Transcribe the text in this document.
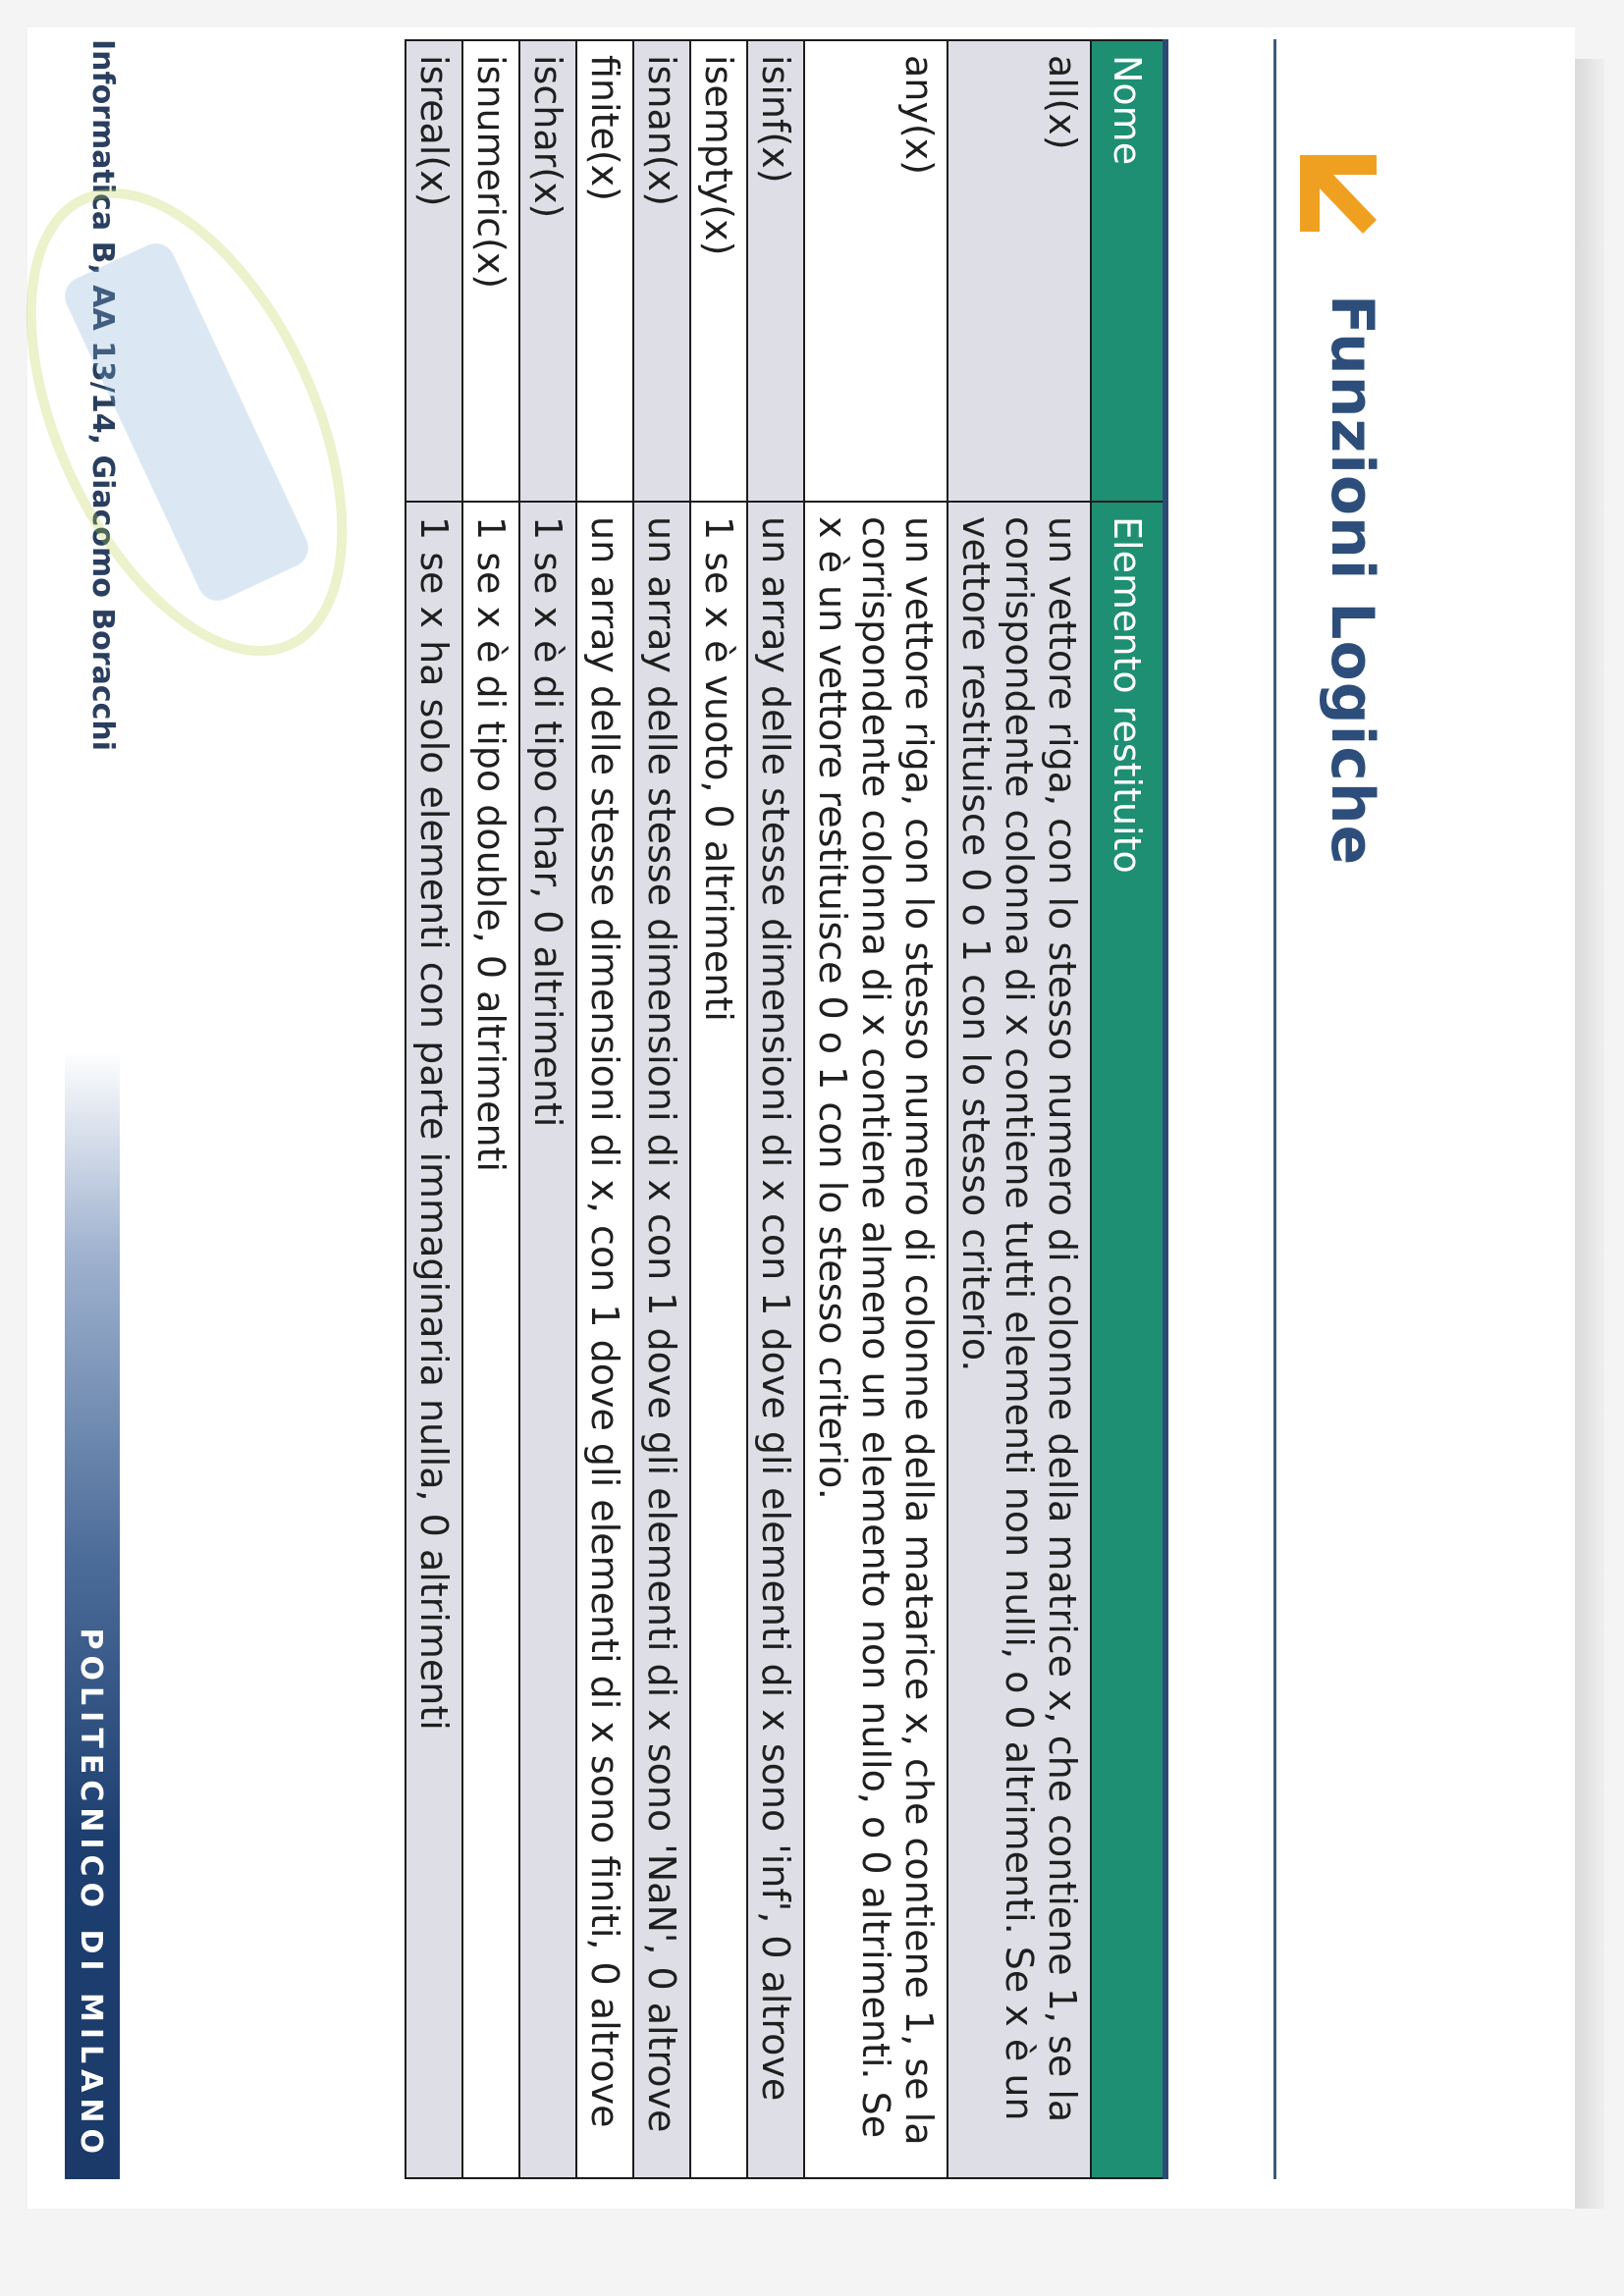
Funzioni Logiche
Nome	Elemento restituito
all(x)	un vettore riga, con lo stesso numero di colonne della matrice x, che contiene 1, se la corrispondente colonna di x contiene tutti elementi non nulli, o 0 altrimenti. Se x è un vettore restituisce 0 o 1 con lo stesso criterio.
any(x)	un vettore riga, con lo stesso numero di colonne della matarice x, che contiene 1, se la corrispondente colonna di x contiene almeno un elemento non nullo, o 0 altrimenti. Se x è un vettore restituisce 0 o 1 con lo stesso criterio.
isinf(x)	un array delle stesse dimensioni di x con 1 dove gli elementi di x sono 'inf', 0 altrove
isempty(x)	1 se x è vuoto, 0 altrimenti
isnan(x)	un array delle stesse dimensioni di x con 1 dove gli elementi di x sono 'NaN', 0 altrove
finite(x)	un array delle stesse dimensioni di x, con 1 dove gli elementi di x sono finiti, 0 altrove
ischar(x)	1 se x è di tipo char, 0 altrimenti
isnumeric(x)	1 se x è di tipo double, 0 altrimenti
isreal(x)	1 se x ha solo elementi con parte immaginaria nulla, 0 altrimenti
Informatica B, AA 13/14, Giacomo Boracchi
POLITECNICO DI MILANO
